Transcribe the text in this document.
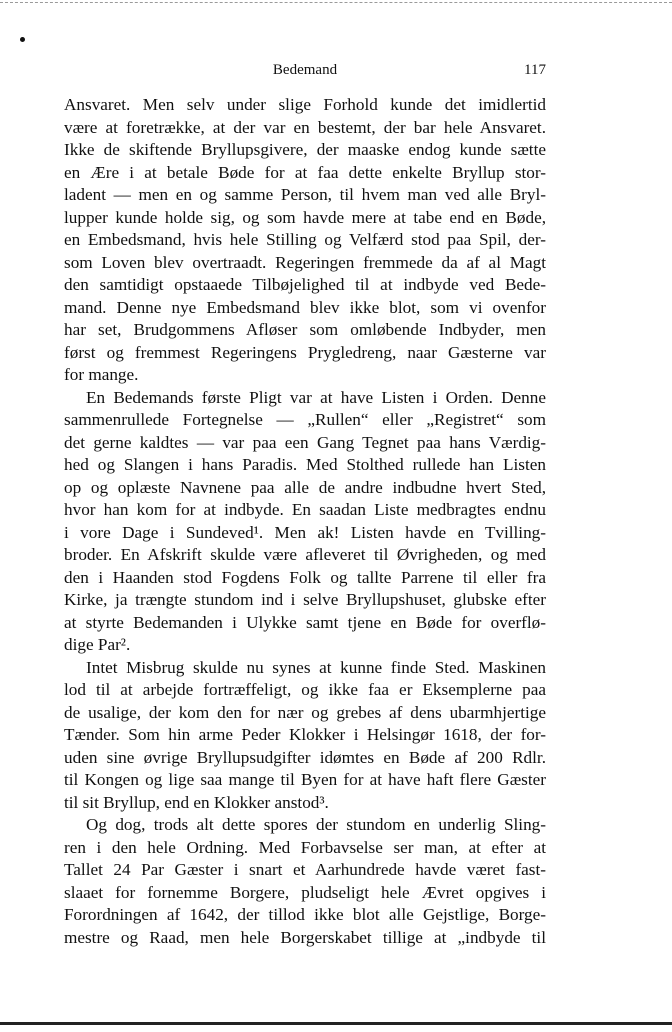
Bedemand	117
Ansvaret. Men selv under slige Forhold kunde det imidlertid
være at foretrække, at der var en bestemt, der bar hele Ansvaret.
Ikke de skiftende Bryllupsgivere, der maaske endog kunde sætte
en Ære i at betale Bøde for at faa dette enkelte Bryllup stor-
ladent — men en og samme Person, til hvem man ved alle Bryl-
lupper kunde holde sig, og som havde mere at tabe end en Bøde,
en Embedsmand, hvis hele Stilling og Velfærd stod paa Spil, der-
som Loven blev overtraadt. Regeringen fremmede da af al Magt
den samtidigt opstaaede Tilbøjelighed til at indbyde ved Bede-
mand. Denne nye Embedsmand blev ikke blot, som vi ovenfor
har set, Brudgommens Afløser som omløbende Indbyder, men
først og fremmest Regeringens Prygledreng, naar Gæsterne var
for mange.
En Bedemands første Pligt var at have Listen i Orden. Denne
sammenrullede Fortegnelse — „Rullen“ eller „Registret“ som
det gerne kaldtes — var paa een Gang Tegnet paa hans Værdig-
hed og Slangen i hans Paradis. Med Stolthed rullede han Listen
op og oplæste Navnene paa alle de andre indbudne hvert Sted,
hvor han kom for at indbyde. En saadan Liste medbragtes endnu
i vore Dage i Sundeved¹. Men ak! Listen havde en Tvilling-
broder. En Afskrift skulde være afleveret til Øvrigheden, og med
den i Haanden stod Fogdens Folk og tallte Parrene til eller fra
Kirke, ja trængte stundom ind i selve Bryllupshuset, glubske efter
at styrte Bedemanden i Ulykke samt tjene en Bøde for overflø-
dige Par².
Intet Misbrug skulde nu synes at kunne finde Sted. Maskinen
lod til at arbejde fortræffeligt, og ikke faa er Eksemplerne paa
de usalige, der kom den for nær og grebes af dens ubarmhjertige
Tænder. Som hin arme Peder Klokker i Helsingør 1618, der for-
uden sine øvrige Bryllupsudgifter idømtes en Bøde af 200 Rdlr.
til Kongen og lige saa mange til Byen for at have haft flere Gæster
til sit Bryllup, end en Klokker anstod³.
Og dog, trods alt dette spores der stundom en underlig Sling-
ren i den hele Ordning. Med Forbavselse ser man, at efter at
Tallet 24 Par Gæster i snart et Aarhundrede havde været fast-
slaaet for fornemme Borgere, pludseligt hele Ævret opgives i
Forordningen af 1642, der tillod ikke blot alle Gejstlige, Borge-
mestre og Raad, men hele Borgerskabet tillige at „indbyde til
